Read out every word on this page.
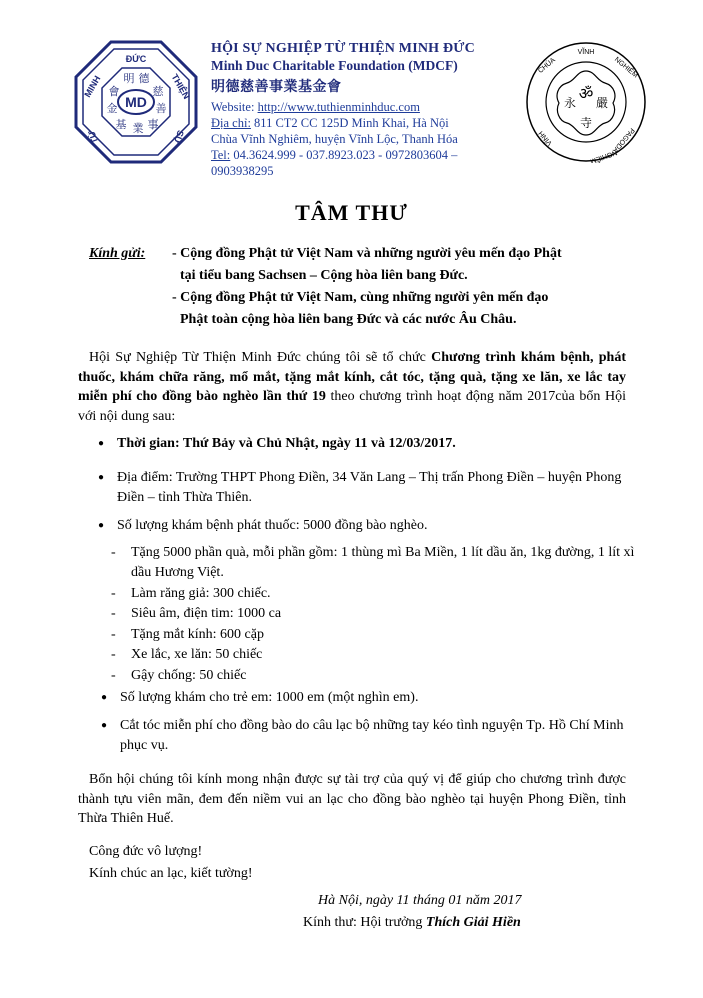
ĐỨC
MINH	THIỆN
TỪ	SỰ
MD
明 德
慈
善
事
業
基
金
會
HỘI SỰ NGHIỆP TỪ THIỆN MINH ĐỨC
Minh Duc Charitable Foundation (MDCF)
明德慈善事業基金會
Website: http://www.tuthienminhduc.com
Địa chỉ: 811 CT2 CC 125D Minh Khai, Hà Nội
Chùa Vĩnh Nghiêm, huyện Vĩnh Lộc, Thanh Hóa
Tel: 04.3624.999 - 037.8923.023 - 0972803604 –
0903938295
VĨNH
CHÙA	NGHIÊM
VĨNH	PAGODA
NGHIÊM
永 嚴
寺
ॐ
TÂM THƯ
Kính gửi: - Cộng đồng Phật tử Việt Nam và những người yêu mến đạo Phật
tại tiểu bang Sachsen – Cộng hòa liên bang Đức.
- Cộng đồng Phật tử Việt Nam, cùng những người yên mến đạo
Phật toàn cộng hòa liên bang Đức và các nước Âu Châu.
Hội Sự Nghiệp Từ Thiện Minh Đức chúng tôi sẽ tổ chức Chương trình khám bệnh, phát thuốc, khám chữa răng, mổ mắt, tặng mắt kính, cắt tóc, tặng quà, tặng xe lăn, xe lắc tay miễn phí cho đồng bào nghèo lần thứ 19 theo chương trình hoạt động năm 2017của bổn Hội với nội dung sau:
● Thời gian: Thứ Bảy và Chủ Nhật, ngày 11 và 12/03/2017.
● Địa điểm: Trường THPT Phong Điền, 34 Văn Lang – Thị trấn Phong Điền – huyện Phong Điền – tỉnh Thừa Thiên.
● Số lượng khám bệnh phát thuốc: 5000 đồng bào nghèo.
- Tặng 5000 phần quà, mỗi phần gồm: 1 thùng mì Ba Miền, 1 lít dầu ăn, 1kg đường, 1 lít xì dầu Hương Việt.
- Làm răng giả: 300 chiếc.
- Siêu âm, điện tim: 1000 ca
- Tặng mắt kính: 600 cặp
- Xe lắc, xe lăn: 50 chiếc
- Gậy chống: 50 chiếc
● Số lượng khám cho trẻ em: 1000 em (một nghìn em).
● Cắt tóc miễn phí cho đồng bào do câu lạc bộ những tay kéo tình nguyện Tp. Hồ Chí Minh phục vụ.
Bổn hội chúng tôi kính mong nhận được sự tài trợ của quý vị để giúp cho chương trình được thành tựu viên mãn, đem đến niềm vui an lạc cho đồng bào nghèo tại huyện Phong Điền, tỉnh Thừa Thiên Huế.
Công đức vô lượng!
Kính chúc an lạc, kiết tường!
Hà Nội, ngày 11 tháng 01 năm 2017
Kính thư: Hội trưởng Thích Giải Hiền
